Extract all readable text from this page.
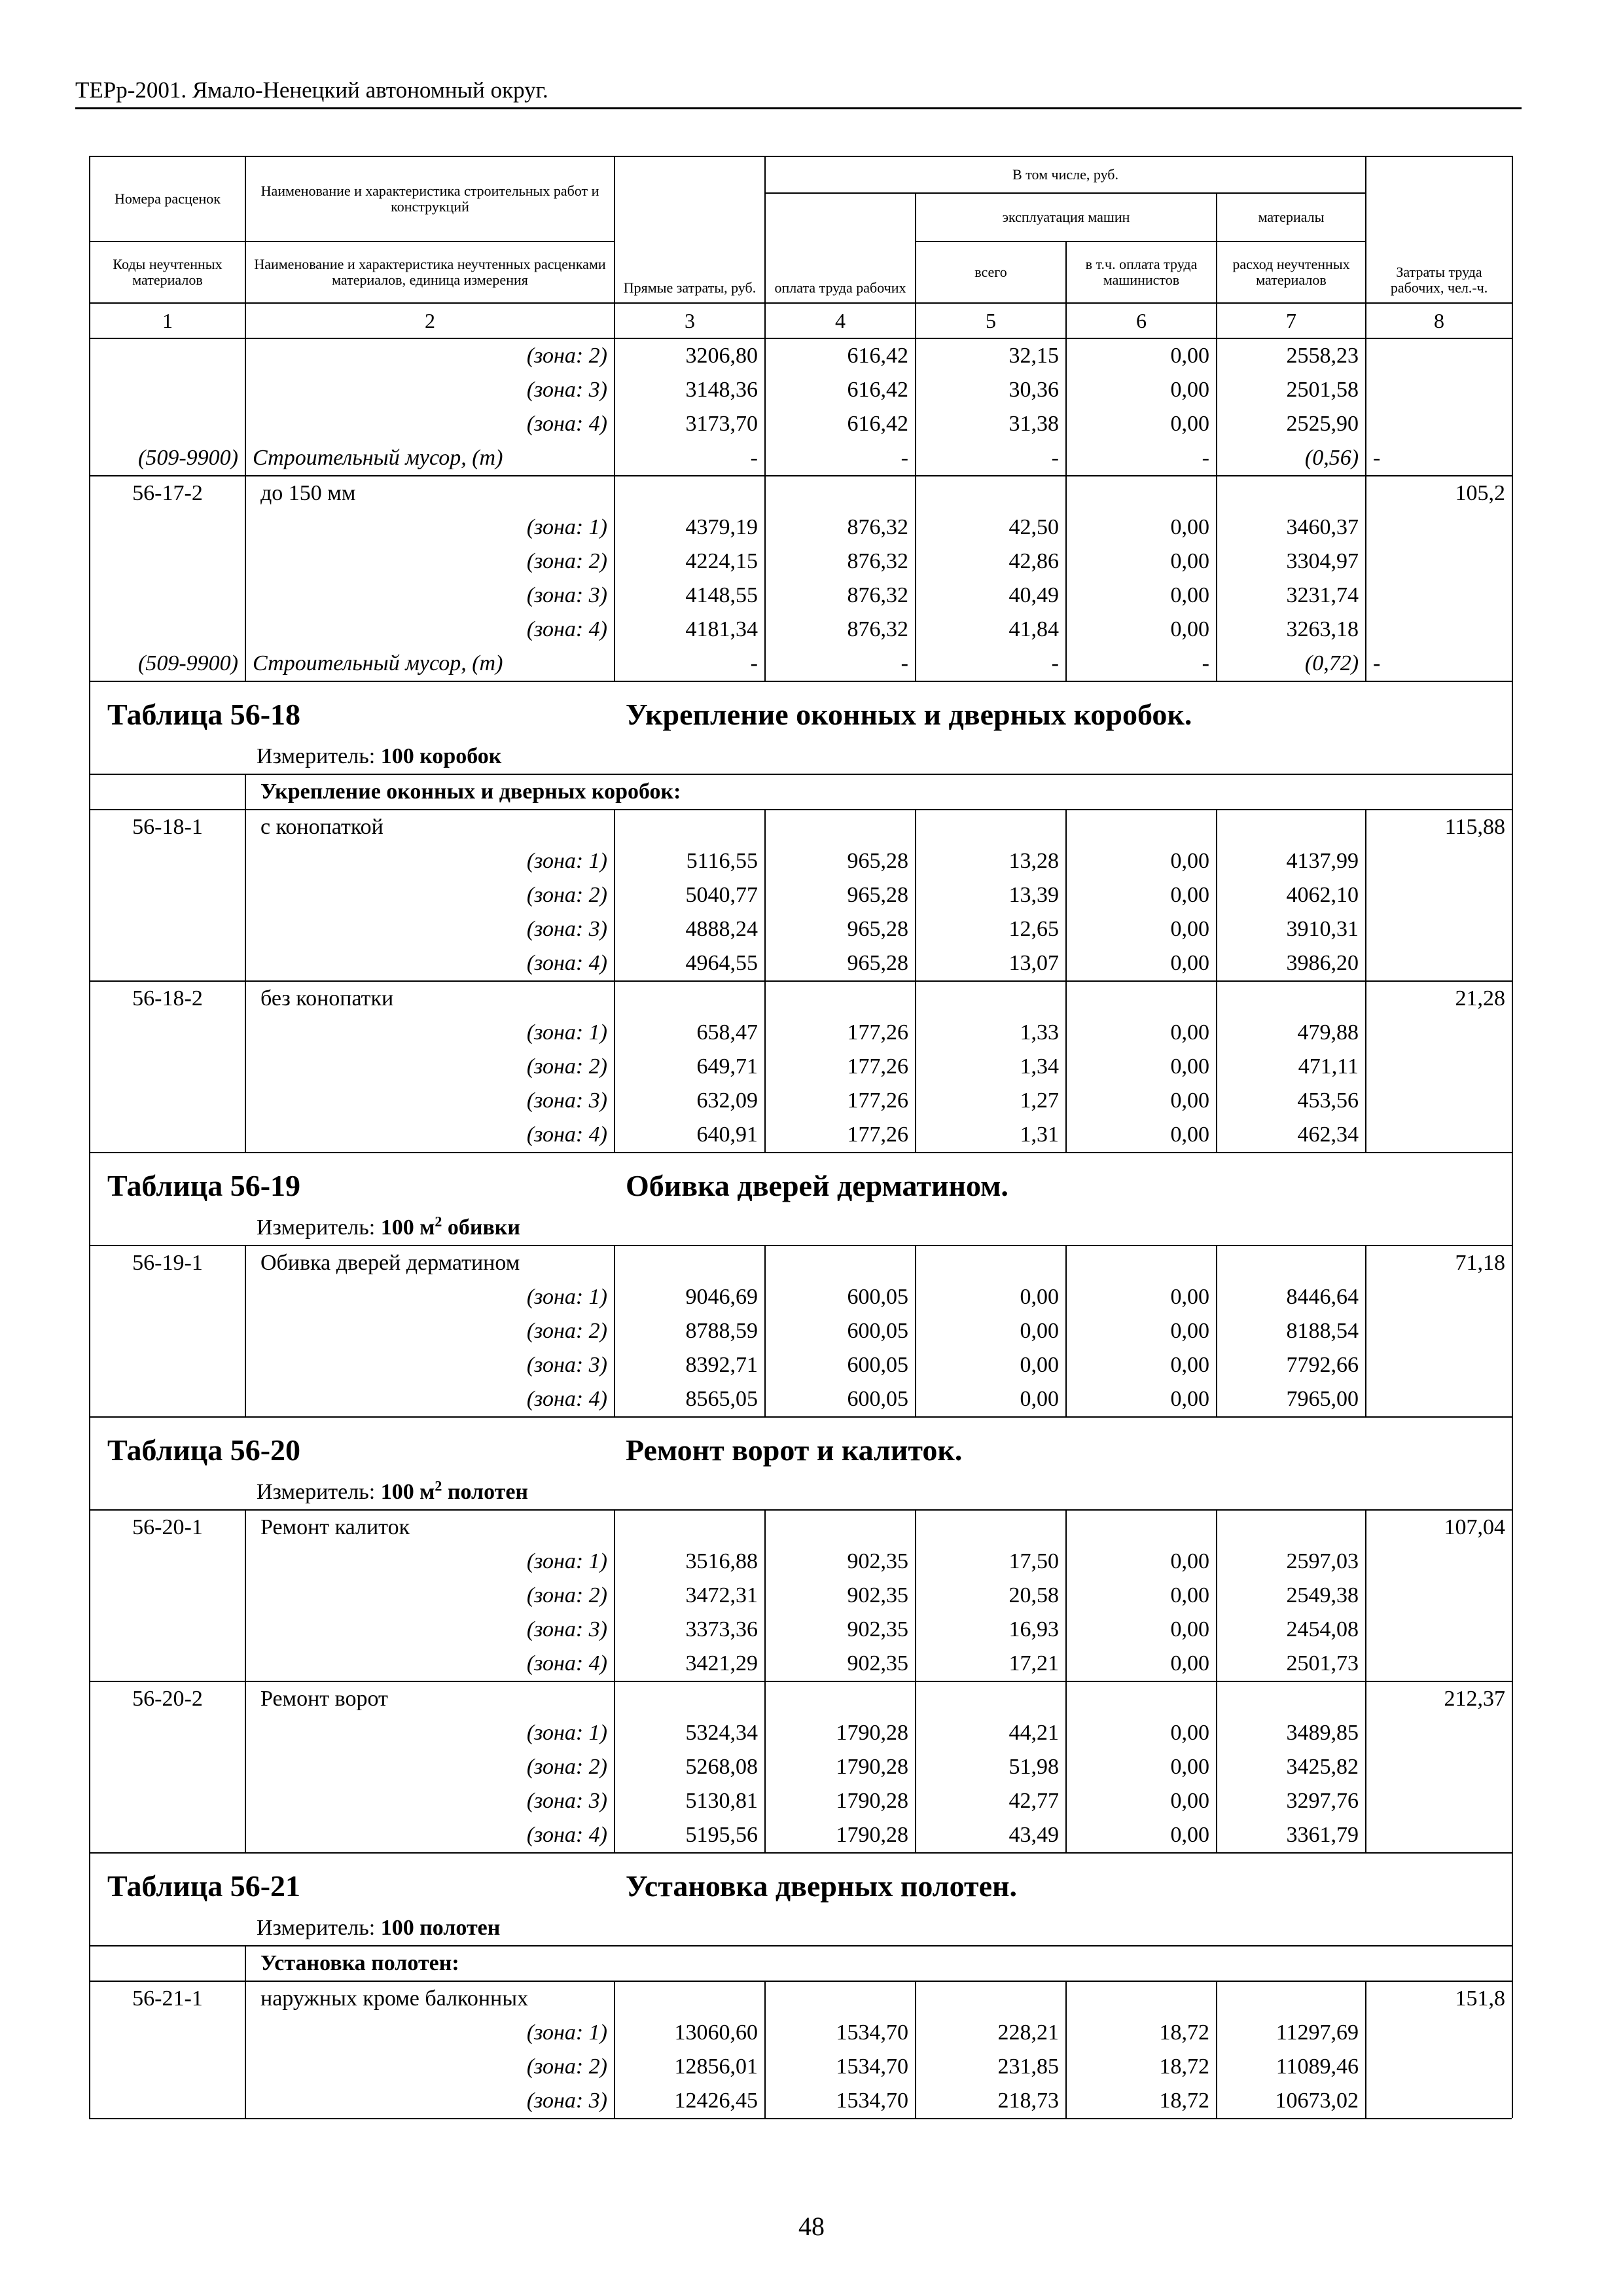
ТЕРр-2001. Ямало-Ненецкий автономный округ.
Номера расценок	Наименование и характеристика строительных работ и конструкций	Прямые затраты, руб.	В том числе, руб.				Затраты труда рабочих, чел.-ч.
			оплата труда рабочих	эксплуатация машин		материалы	
Коды неучтенных материалов	Наименование и характеристика неучтенных расценками материалов, единица измерения			всего	в т.ч. оплата труда машинистов	расход неучтенных материалов	
1	2	3	4	5	6	7	8
	(зона: 2)	3206,80	616,42	32,15	0,00	2558,23	
	(зона: 3)	3148,36	616,42	30,36	0,00	2501,58	
	(зона: 4)	3173,70	616,42	31,38	0,00	2525,90	
(509-9900)	Строительный мусор, (т)	-	-	-	-	(0,56)	-
56-17-2	до 150 мм						105,2
	(зона: 1)	4379,19	876,32	42,50	0,00	3460,37	
	(зона: 2)	4224,15	876,32	42,86	0,00	3304,97	
	(зона: 3)	4148,55	876,32	40,49	0,00	3231,74	
	(зона: 4)	4181,34	876,32	41,84	0,00	3263,18	
(509-9900)	Строительный мусор, (т)	-	-	-	-	(0,72)	-

Таблица 56-18 Укрепление оконных и дверных коробок.
Измеритель: 100 коробок							

	Укрепление оконных и дверных коробок:						
56-18-1	с конопаткой						115,88
	(зона: 1)	5116,55	965,28	13,28	0,00	4137,99	
	(зона: 2)	5040,77	965,28	13,39	0,00	4062,10	
	(зона: 3)	4888,24	965,28	12,65	0,00	3910,31	
	(зона: 4)	4964,55	965,28	13,07	0,00	3986,20	
56-18-2	без конопатки						21,28
	(зона: 1)	658,47	177,26	1,33	0,00	479,88	
	(зона: 2)	649,71	177,26	1,34	0,00	471,11	
	(зона: 3)	632,09	177,26	1,27	0,00	453,56	
	(зона: 4)	640,91	177,26	1,31	0,00	462,34	

Таблица 56-19 Обивка дверей дерматином.
Измеритель: 100 $м^2$ обивки							

56-19-1	Обивка дверей дерматином						71,18
	(зона: 1)	9046,69	600,05	0,00	0,00	8446,64	
	(зона: 2)	8788,59	600,05	0,00	0,00	8188,54	
	(зона: 3)	8392,71	600,05	0,00	0,00	7792,66	
	(зона: 4)	8565,05	600,05	0,00	0,00	7965,00	

Таблица 56-20 Ремонт ворот и калиток.
Измеритель: 100 $м^2$ полотен							

56-20-1	Ремонт калиток						107,04
	(зона: 1)	3516,88	902,35	17,50	0,00	2597,03	
	(зона: 2)	3472,31	902,35	20,58	0,00	2549,38	
	(зона: 3)	3373,36	902,35	16,93	0,00	2454,08	
	(зона: 4)	3421,29	902,35	17,21	0,00	2501,73	
56-20-2	Ремонт ворот						212,37
	(зона: 1)	5324,34	1790,28	44,21	0,00	3489,85	
	(зона: 2)	5268,08	1790,28	51,98	0,00	3425,82	
	(зона: 3)	5130,81	1790,28	42,77	0,00	3297,76	
	(зона: 4)	5195,56	1790,28	43,49	0,00	3361,79	

Таблица 56-21 Установка дверных полотен.
Измеритель: 100 полотен							

	Установка полотен:						
56-21-1	наружных кроме балконных						151,8
	(зона: 1)	13060,60	1534,70	228,21	18,72	11297,69	
	(зона: 2)	12856,01	1534,70	231,85	18,72	11089,46	
	(зона: 3)	12426,45	1534,70	218,73	18,72	10673,02	
48
